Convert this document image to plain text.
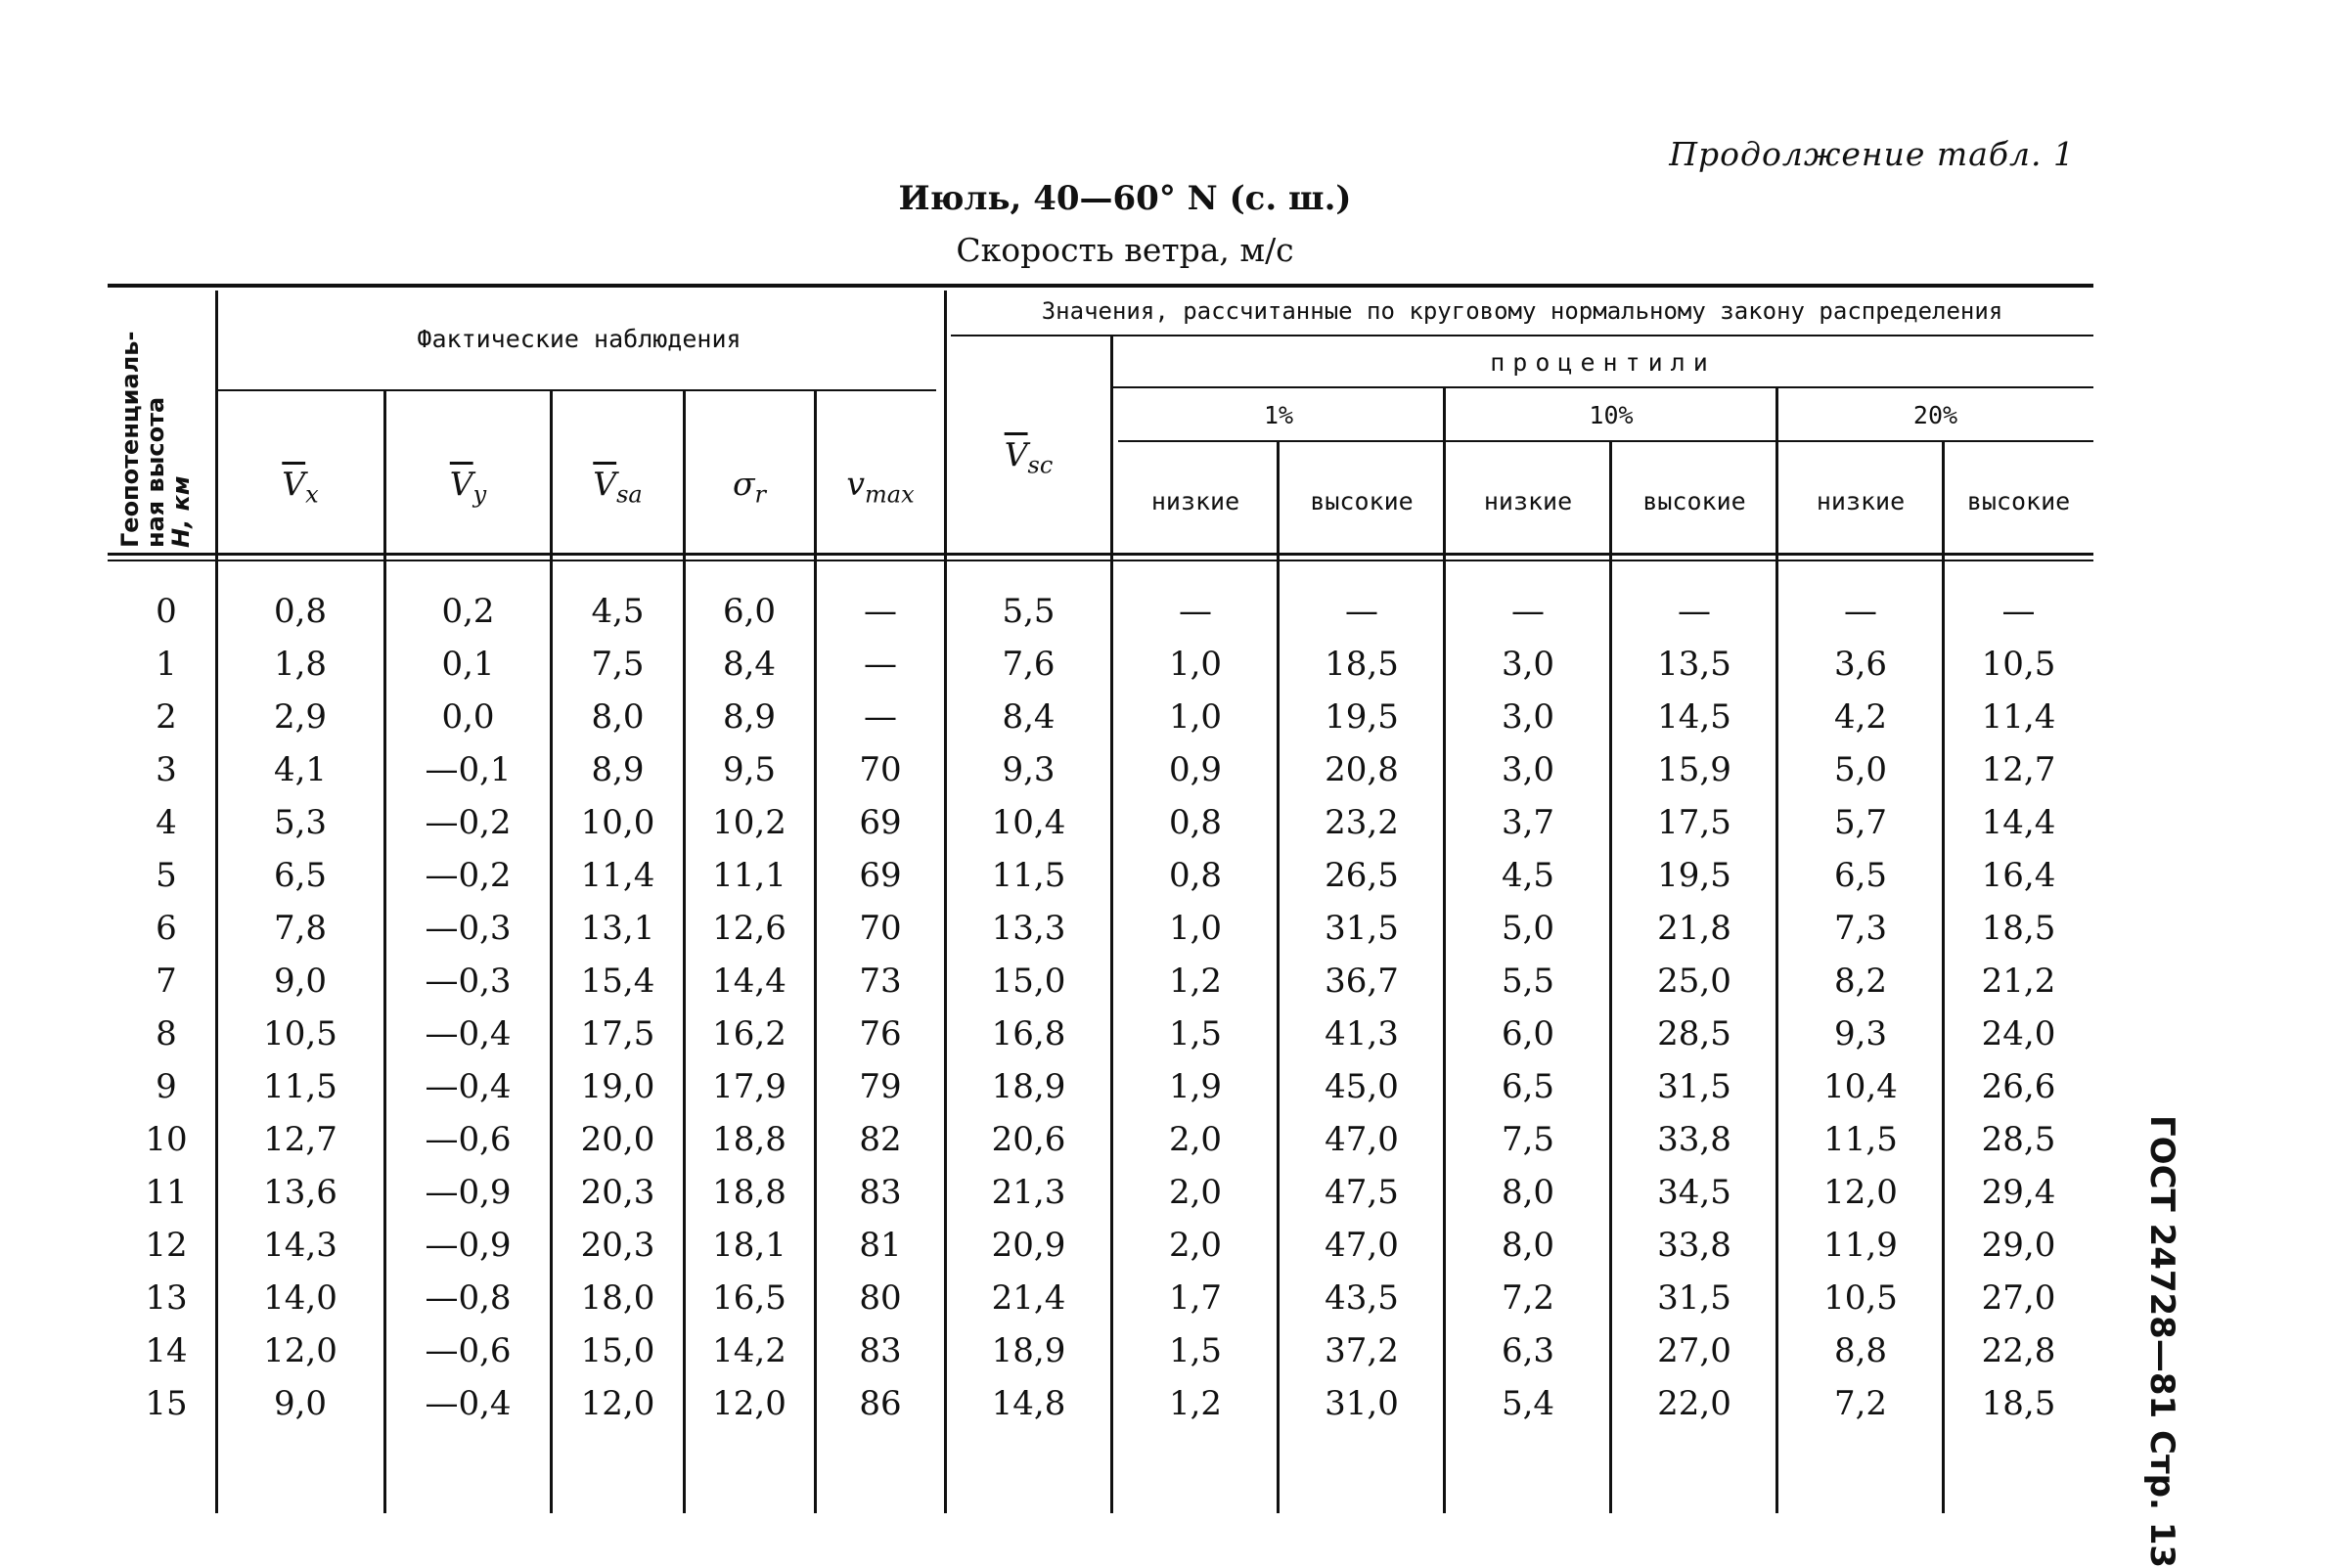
Продолжение табл. 1
Июль, 40—60° N (с. ш.)
Скорость ветра, м/с
ГОСТ 24728—81 Стр. 13
Геопотенциаль-
ная высота
H, км
Фактические наблюдения
Значения, рассчитанные по круговому нормальному закону распределения
процентили
1%	10%	20%
низкие	высокие	низкие	высокие	низкие	высокие
$\overline{V}_x$	$\overline{V}_y$	$\overline{V}_{sa}$	$\sigma_r$	$v_{max}$
$\overline{V}_{sc}$
0	0,8	0,2	4,5	6,0	—	5,5	—	—	—	—	—	—
1	1,8	0,1	7,5	8,4	—	7,6	1,0	18,5	3,0	13,5	3,6	10,5
2	2,9	0,0	8,0	8,9	—	8,4	1,0	19,5	3,0	14,5	4,2	11,4
3	4,1	—0,1	8,9	9,5	70	9,3	0,9	20,8	3,0	15,9	5,0	12,7
4	5,3	—0,2	10,0	10,2	69	10,4	0,8	23,2	3,7	17,5	5,7	14,4
5	6,5	—0,2	11,4	11,1	69	11,5	0,8	26,5	4,5	19,5	6,5	16,4
6	7,8	—0,3	13,1	12,6	70	13,3	1,0	31,5	5,0	21,8	7,3	18,5
7	9,0	—0,3	15,4	14,4	73	15,0	1,2	36,7	5,5	25,0	8,2	21,2
8	10,5	—0,4	17,5	16,2	76	16,8	1,5	41,3	6,0	28,5	9,3	24,0
9	11,5	—0,4	19,0	17,9	79	18,9	1,9	45,0	6,5	31,5	10,4	26,6
10	12,7	—0,6	20,0	18,8	82	20,6	2,0	47,0	7,5	33,8	11,5	28,5
11	13,6	—0,9	20,3	18,8	83	21,3	2,0	47,5	8,0	34,5	12,0	29,4
12	14,3	—0,9	20,3	18,1	81	20,9	2,0	47,0	8,0	33,8	11,9	29,0
13	14,0	—0,8	18,0	16,5	80	21,4	1,7	43,5	7,2	31,5	10,5	27,0
14	12,0	—0,6	15,0	14,2	83	18,9	1,5	37,2	6,3	27,0	8,8	22,8
15	9,0	—0,4	12,0	12,0	86	14,8	1,2	31,0	5,4	22,0	7,2	18,5
